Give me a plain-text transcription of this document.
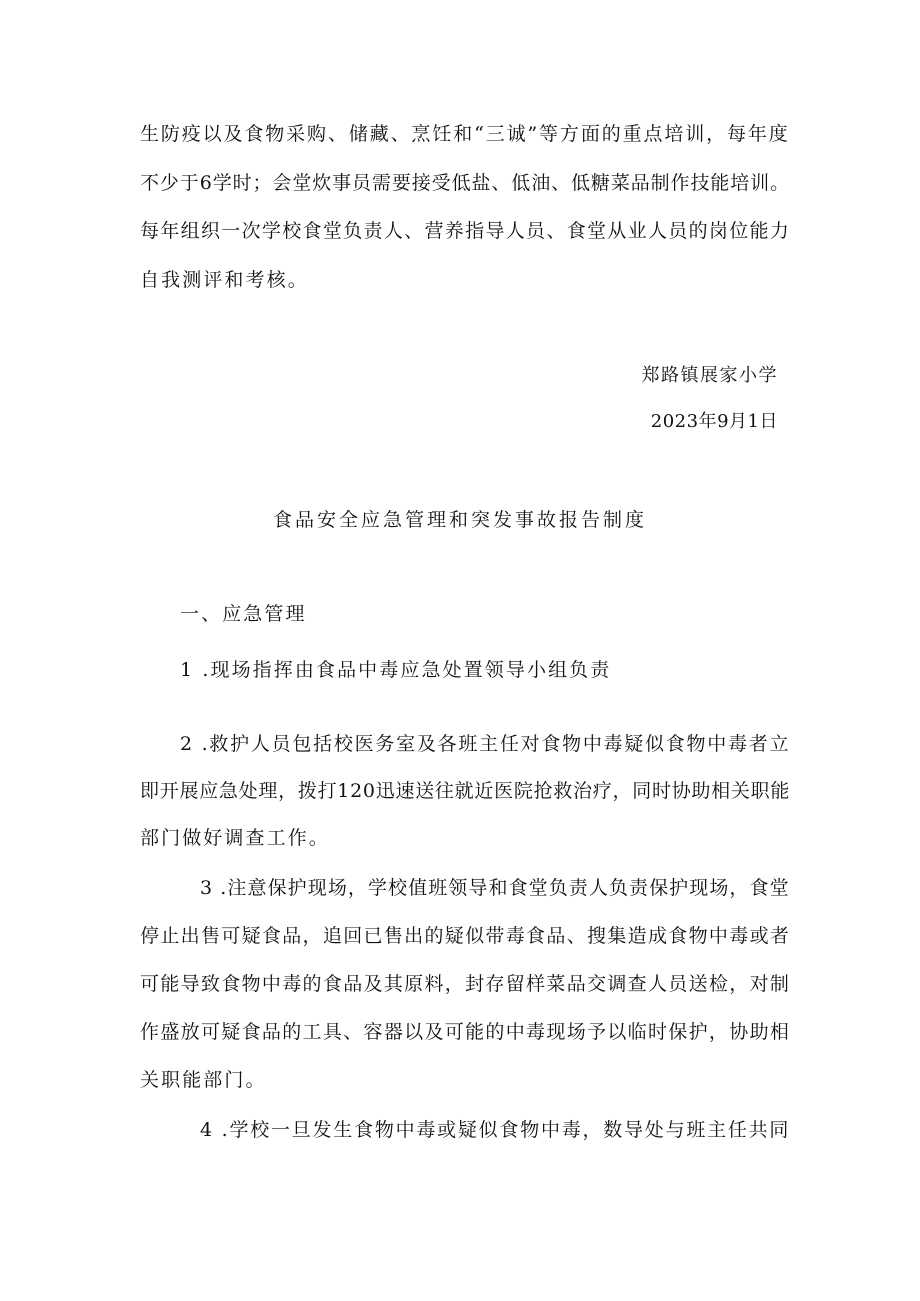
生防疫以及食物采购、储藏、烹饪和“三诚”等方面的重点培训，每年度
不少于6学时；会堂炊事员需要接受低盐、低油、低糖菜品制作技能培训。
每年组织一次学校食堂负责人、营养指导人员、食堂从业人员的岗位能力
自我测评和考核。
郑路镇展家小学
2023年9月1日
食品安全应急管理和突发事故报告制度
一、应急管理
1 .现场指挥由食品中毒应急处置领导小组负责
2 .救护人员包括校医务室及各班主任对食物中毒疑似食物中毒者立
即开展应急处理，拨打120迅速送往就近医院抢救治疗，同时协助相关职能
部门做好调查工作。
3 .注意保护现场，学校值班领导和食堂负责人负责保护现场，食堂
停止出售可疑食品，追回已售出的疑似带毒食品、搜集造成食物中毒或者
可能导致食物中毒的食品及其原料，封存留样菜品交调查人员送检，对制
作盛放可疑食品的工具、容器以及可能的中毒现场予以临时保护，协助相
关职能部门。
4 .学校一旦发生食物中毒或疑似食物中毒，数导处与班主任共同
